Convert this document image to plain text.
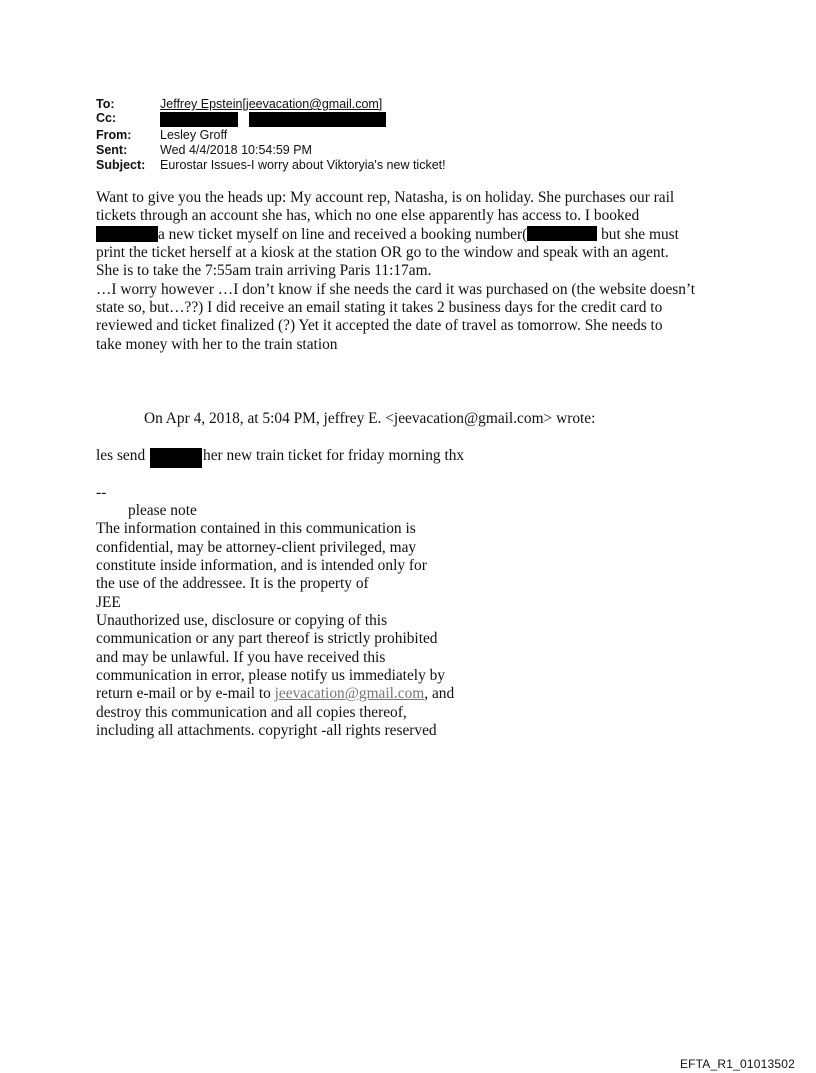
To:	Jeffrey Epstein[jeevacation@gmail.com]
Cc:
From: Lesley Groff
Sent:	Wed 4/4/2018 10:54:59 PM
Subject: Eurostar Issues-I worry about Viktoryia's new ticket!
Want to give you the heads up: My account rep, Natasha, is on holiday. She purchases our rail
tickets through an account she has, which no one else apparently has access to. I booked
a new ticket myself on line and received a booking number(	but she must
print the ticket herself at a kiosk at the station OR go to the window and speak with an agent.
She is to take the 7:55am train arriving Paris 11:17am.
…I worry however …I don’t know if she needs the card it was purchased on (the website doesn’t
state so, but…??) I did receive an email stating it takes 2 business days for the credit card to
reviewed and ticket finalized (?) Yet it accepted the date of travel as tomorrow. She needs to
take money with her to the train station
On Apr 4, 2018, at 5:04 PM, jeffrey E. <jeevacation@gmail.com> wrote:
les send	her new train ticket for friday morning thx
--
please note
The information contained in this communication is
confidential, may be attorney-client privileged, may
constitute inside information, and is intended only for
the use of the addressee. It is the property of
JEE
Unauthorized use, disclosure or copying of this
communication or any part thereof is strictly prohibited
and may be unlawful. If you have received this
communication in error, please notify us immediately by
return e-mail or by e-mail to jeevacation@gmail.com, and
destroy this communication and all copies thereof,
including all attachments. copyright -all rights reserved
EFTA_R1_01013502
